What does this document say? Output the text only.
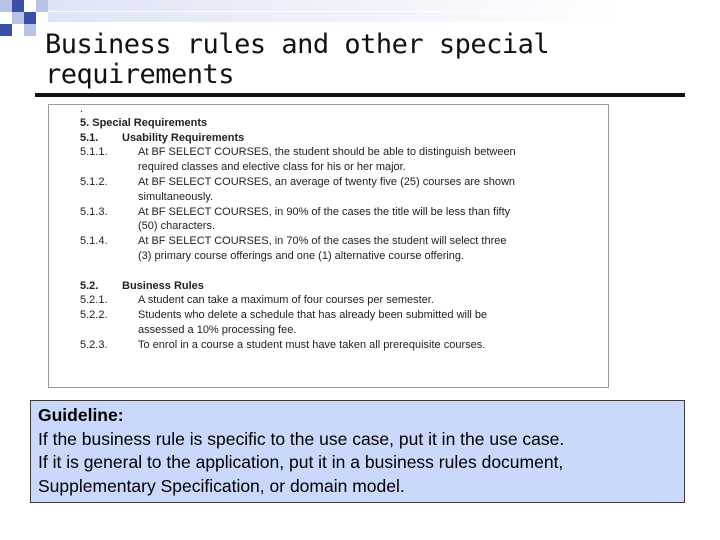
Business rules and other special
requirements
.
5. Special Requirements
5.1. Usability Requirements
5.1.1.	At BF SELECT COURSES, the student should be able to distinguish between
required classes and elective class for his or her major.
5.1.2.	At BF SELECT COURSES, an average of twenty five (25) courses are shown
simultaneously.
5.1.3.	At BF SELECT COURSES, in 90% of the cases the title will be less than fifty
(50) characters.
5.1.4.	At BF SELECT COURSES, in 70% of the cases the student will select three
(3) primary course offerings and one (1) alternative course offering.
5.2. Business Rules
5.2.1.	A student can take a maximum of four courses per semester.
5.2.2.	Students who delete a schedule that has already been submitted will be
assessed a 10% processing fee.
5.2.3.	To enrol in a course a student must have taken all prerequisite courses.
Guideline:
If the business rule is specific to the use case, put it in the use case.
If it is general to the application, put it in a business rules document,
Supplementary Specification, or domain model.
